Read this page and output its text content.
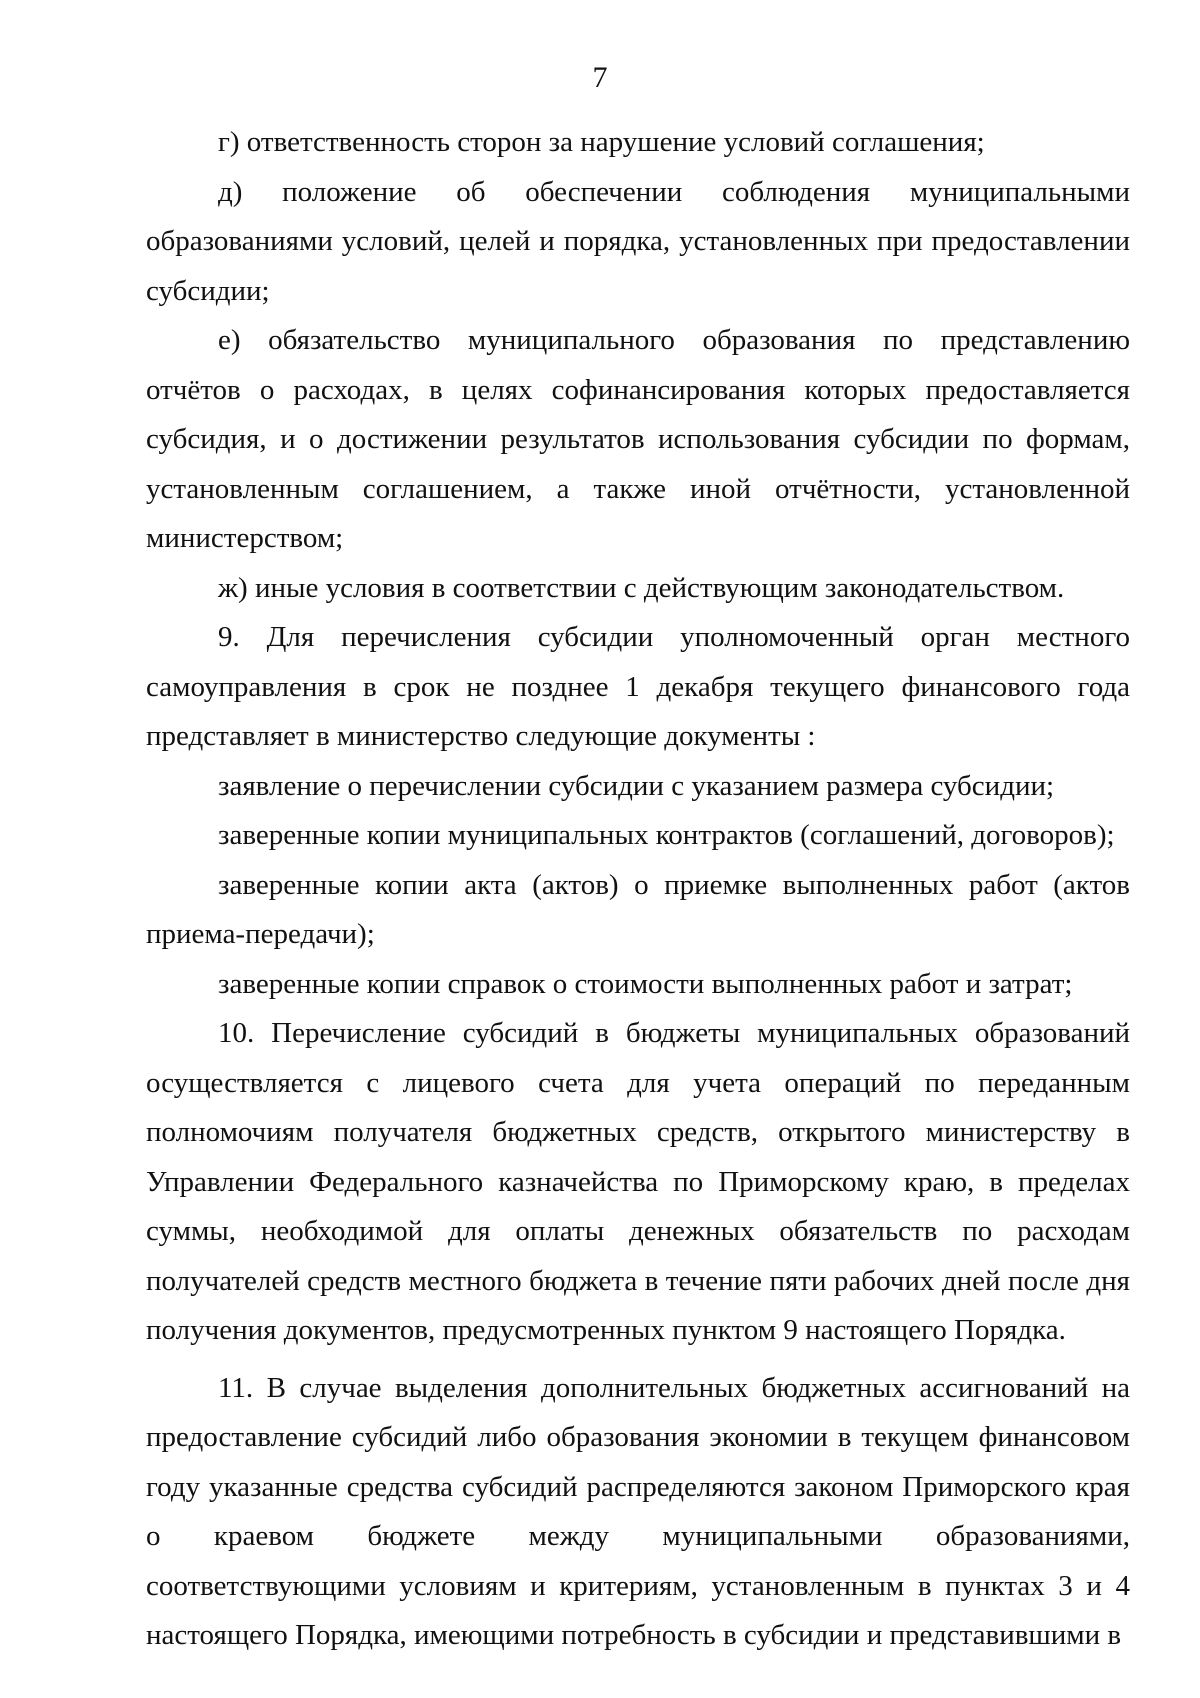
7

г) ответственность сторон за нарушение условий соглашения;

д) положение об обеспечении соблюдения муниципальными образованиями условий, целей и порядка, установленных при предоставлении субсидии;

е) обязательство муниципального образования по представлению отчётов о расходах, в целях софинансирования которых предоставляется субсидия, и о достижении результатов использования субсидии по формам, установленным соглашением, а также иной отчётности, установленной министерством;

ж) иные условия в соответствии с действующим законодательством.

9. Для перечисления субсидии уполномоченный орган местного самоуправления в срок не позднее 1 декабря текущего финансового года представляет в министерство следующие документы :

заявление о перечислении субсидии с указанием размера субсидии;

заверенные копии муниципальных контрактов (соглашений, договоров);

заверенные копии акта (актов) о приемке выполненных работ (актов приема-передачи);

заверенные копии справок о стоимости выполненных работ и затрат;

10. Перечисление субсидий в бюджеты муниципальных образований осуществляется с лицевого счета для учета операций по переданным полномочиям получателя бюджетных средств, открытого министерству в Управлении Федерального казначейства по Приморскому краю, в пределах суммы, необходимой для оплаты денежных обязательств по расходам получателей средств местного бюджета в течение пяти рабочих дней после дня получения документов, предусмотренных пунктом 9 настоящего Порядка.

11. В случае выделения дополнительных бюджетных ассигнований на предоставление субсидий либо образования экономии в текущем финансовом году указанные средства субсидий распределяются законом Приморского края о краевом бюджете между муниципальными образованиями, соответствующими условиям и критериям, установленным в пунктах 3 и 4 настоящего Порядка, имеющими потребность в субсидии и представившими в
